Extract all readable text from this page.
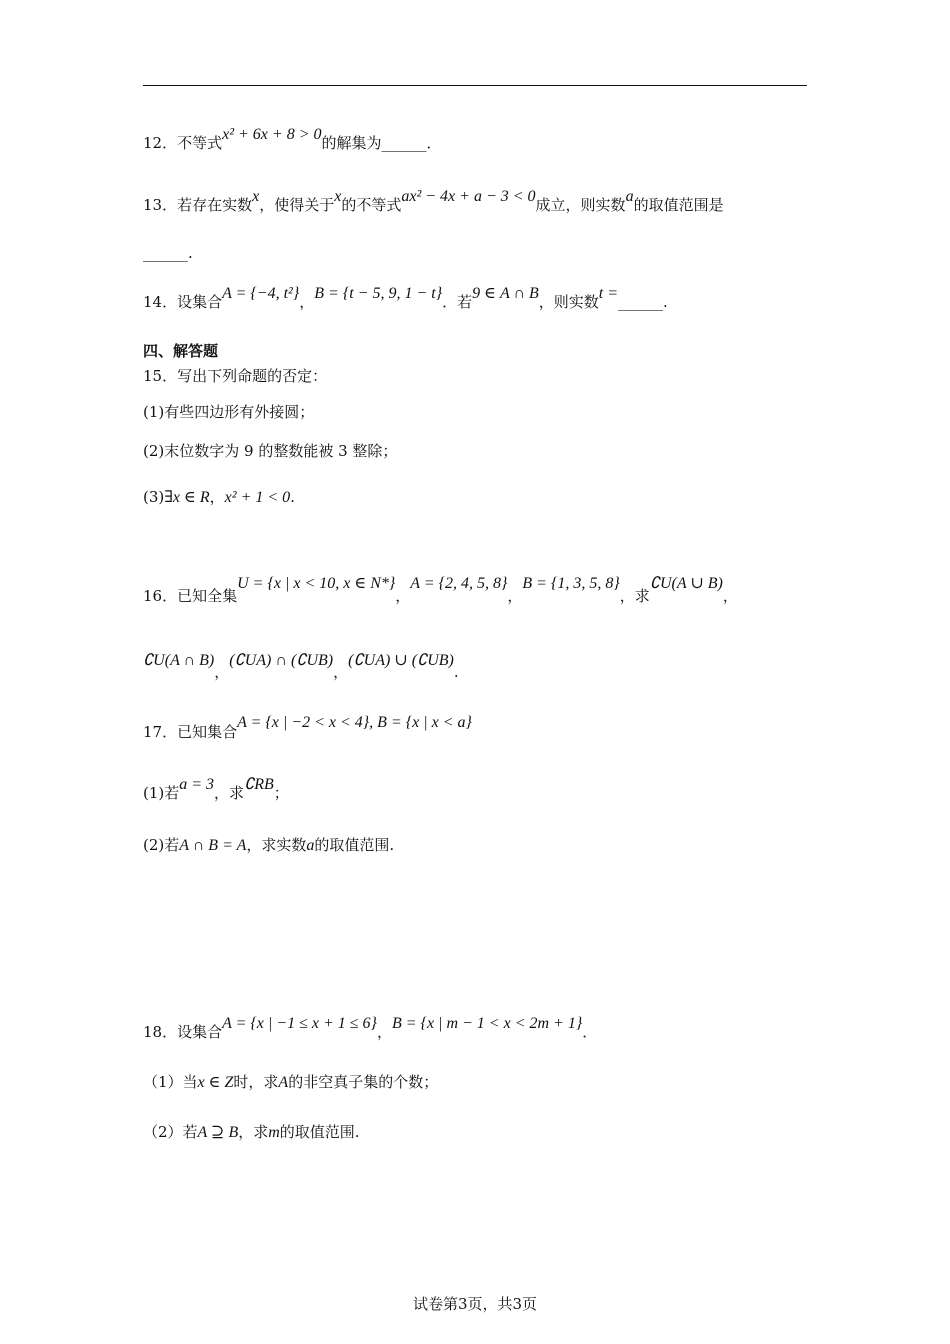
12．不等式x² + 6x + 8 > 0的解集为______．
13．若存在实数x，使得关于x的不等式ax² − 4x + a − 3 < 0成立，则实数a的取值范围是
______.
14．设集合A = {−4, t²}，B = {t − 5, 9, 1 − t}．若9 ∈ A ∩ B，则实数t =______.
四、解答题
15．写出下列命题的否定：
(1)有些四边形有外接圆；
(2)末位数字为 9 的整数能被 3 整除；
(3)∃x ∈ R，x² + 1 < 0.
16．已知全集U = {x | x < 10, x ∈ N*}，A = {2, 4, 5, 8}，B = {1, 3, 5, 8}，求∁U(A ∪ B)，
∁U(A ∩ B)，(∁UA) ∩ (∁UB)，(∁UA) ∪ (∁UB).
17．已知集合A = {x | −2 < x < 4}, B = {x | x < a}
(1)若a = 3，求∁RB；
(2)若A ∩ B = A，求实数a的取值范围.
18．设集合A = {x | −1 ≤ x + 1 ≤ 6}，B = {x | m − 1 < x < 2m + 1}．
（1）当x ∈ Z时，求A的非空真子集的个数；
（2）若A ⊇ B，求m的取值范围.
试卷第3页，共3页
